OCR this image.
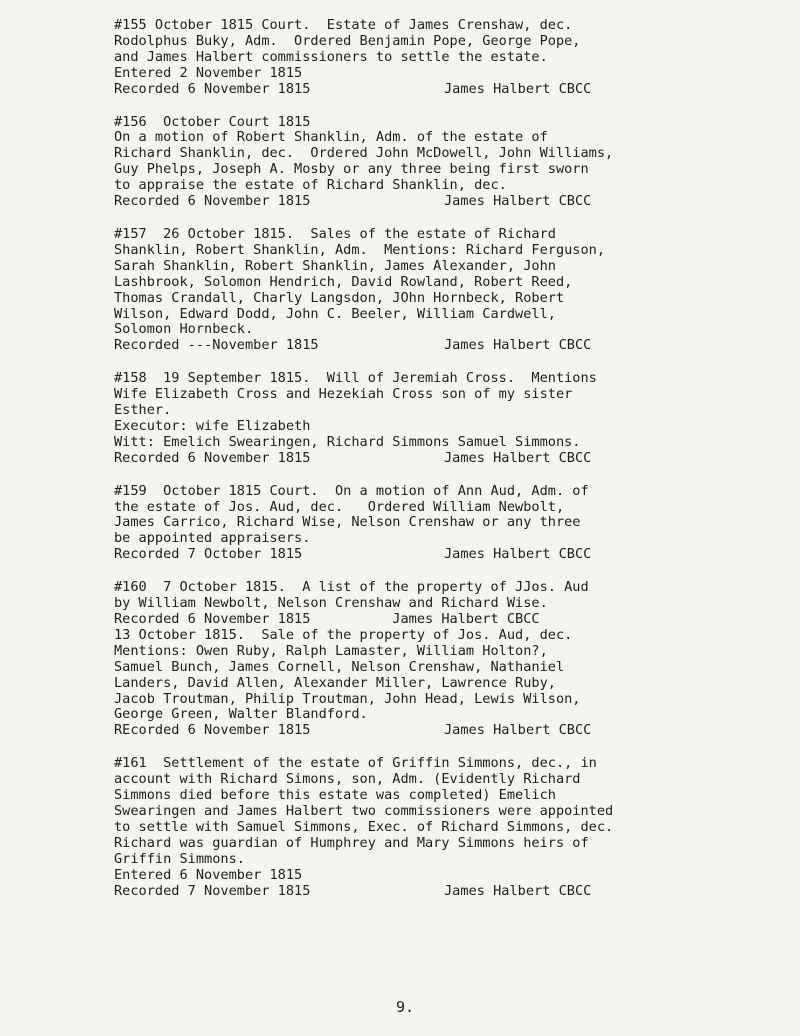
#155 October 1815 Court.  Estate of James Crenshaw, dec.
Rodolphus Buky, Adm.  Ordered Benjamin Pope, George Pope,
and James Halbert commissioners to settle the estate.
Entered 2 November 1815
Recorded 6 November 1815	James Halbert CBCC
#156  October Court 1815
On a motion of Robert Shanklin, Adm. of the estate of
Richard Shanklin, dec.  Ordered John McDowell, John Williams,
Guy Phelps, Joseph A. Mosby or any three being first sworn
to appraise the estate of Richard Shanklin, dec.
Recorded 6 November 1815	James Halbert CBCC
#157  26 October 1815.  Sales of the estate of Richard
Shanklin, Robert Shanklin, Adm.  Mentions: Richard Ferguson,
Sarah Shanklin, Robert Shanklin, James Alexander, John
Lashbrook, Solomon Hendrich, David Rowland, Robert Reed,
Thomas Crandall, Charly Langsdon, JOhn Hornbeck, Robert
Wilson, Edward Dodd, John C. Beeler, William Cardwell,
Solomon Hornbeck.
Recorded ---November 1815	James Halbert CBCC
#158  19 September 1815.  Will of Jeremiah Cross.  Mentions
Wife Elizabeth Cross and Hezekiah Cross son of my sister
Esther.
Executor: wife Elizabeth
Witt: Emelich Swearingen, Richard Simmons Samuel Simmons.
Recorded 6 November 1815	James Halbert CBCC
#159  October 1815 Court.  On a motion of Ann Aud, Adm. of
the estate of Jos. Aud, dec.   Ordered William Newbolt,
James Carrico, Richard Wise, Nelson Crenshaw or any three
be appointed appraisers.
Recorded 7 October 1815	James Halbert CBCC
#160  7 October 1815.  A list of the property of JJos. Aud
by William Newbolt, Nelson Crenshaw and Richard Wise.
Recorded 6 November 1815          James Halbert CBCC
13 October 1815.  Sale of the property of Jos. Aud, dec.
Mentions: Owen Ruby, Ralph Lamaster, William Holton?,
Samuel Bunch, James Cornell, Nelson Crenshaw, Nathaniel
Landers, David Allen, Alexander Miller, Lawrence Ruby,
Jacob Troutman, Philip Troutman, John Head, Lewis Wilson,
George Green, Walter Blandford.
REcorded 6 November 1815	James Halbert CBCC
#161  Settlement of the estate of Griffin Simmons, dec., in
account with Richard Simons, son, Adm. (Evidently Richard
Simmons died before this estate was completed) Emelich
Swearingen and James Halbert two commissioners were appointed
to settle with Samuel Simmons, Exec. of Richard Simmons, dec.
Richard was guardian of Humphrey and Mary Simmons heirs of
Griffin Simmons.
Entered 6 November 1815
Recorded 7 November 1815	James Halbert CBCC
9.
